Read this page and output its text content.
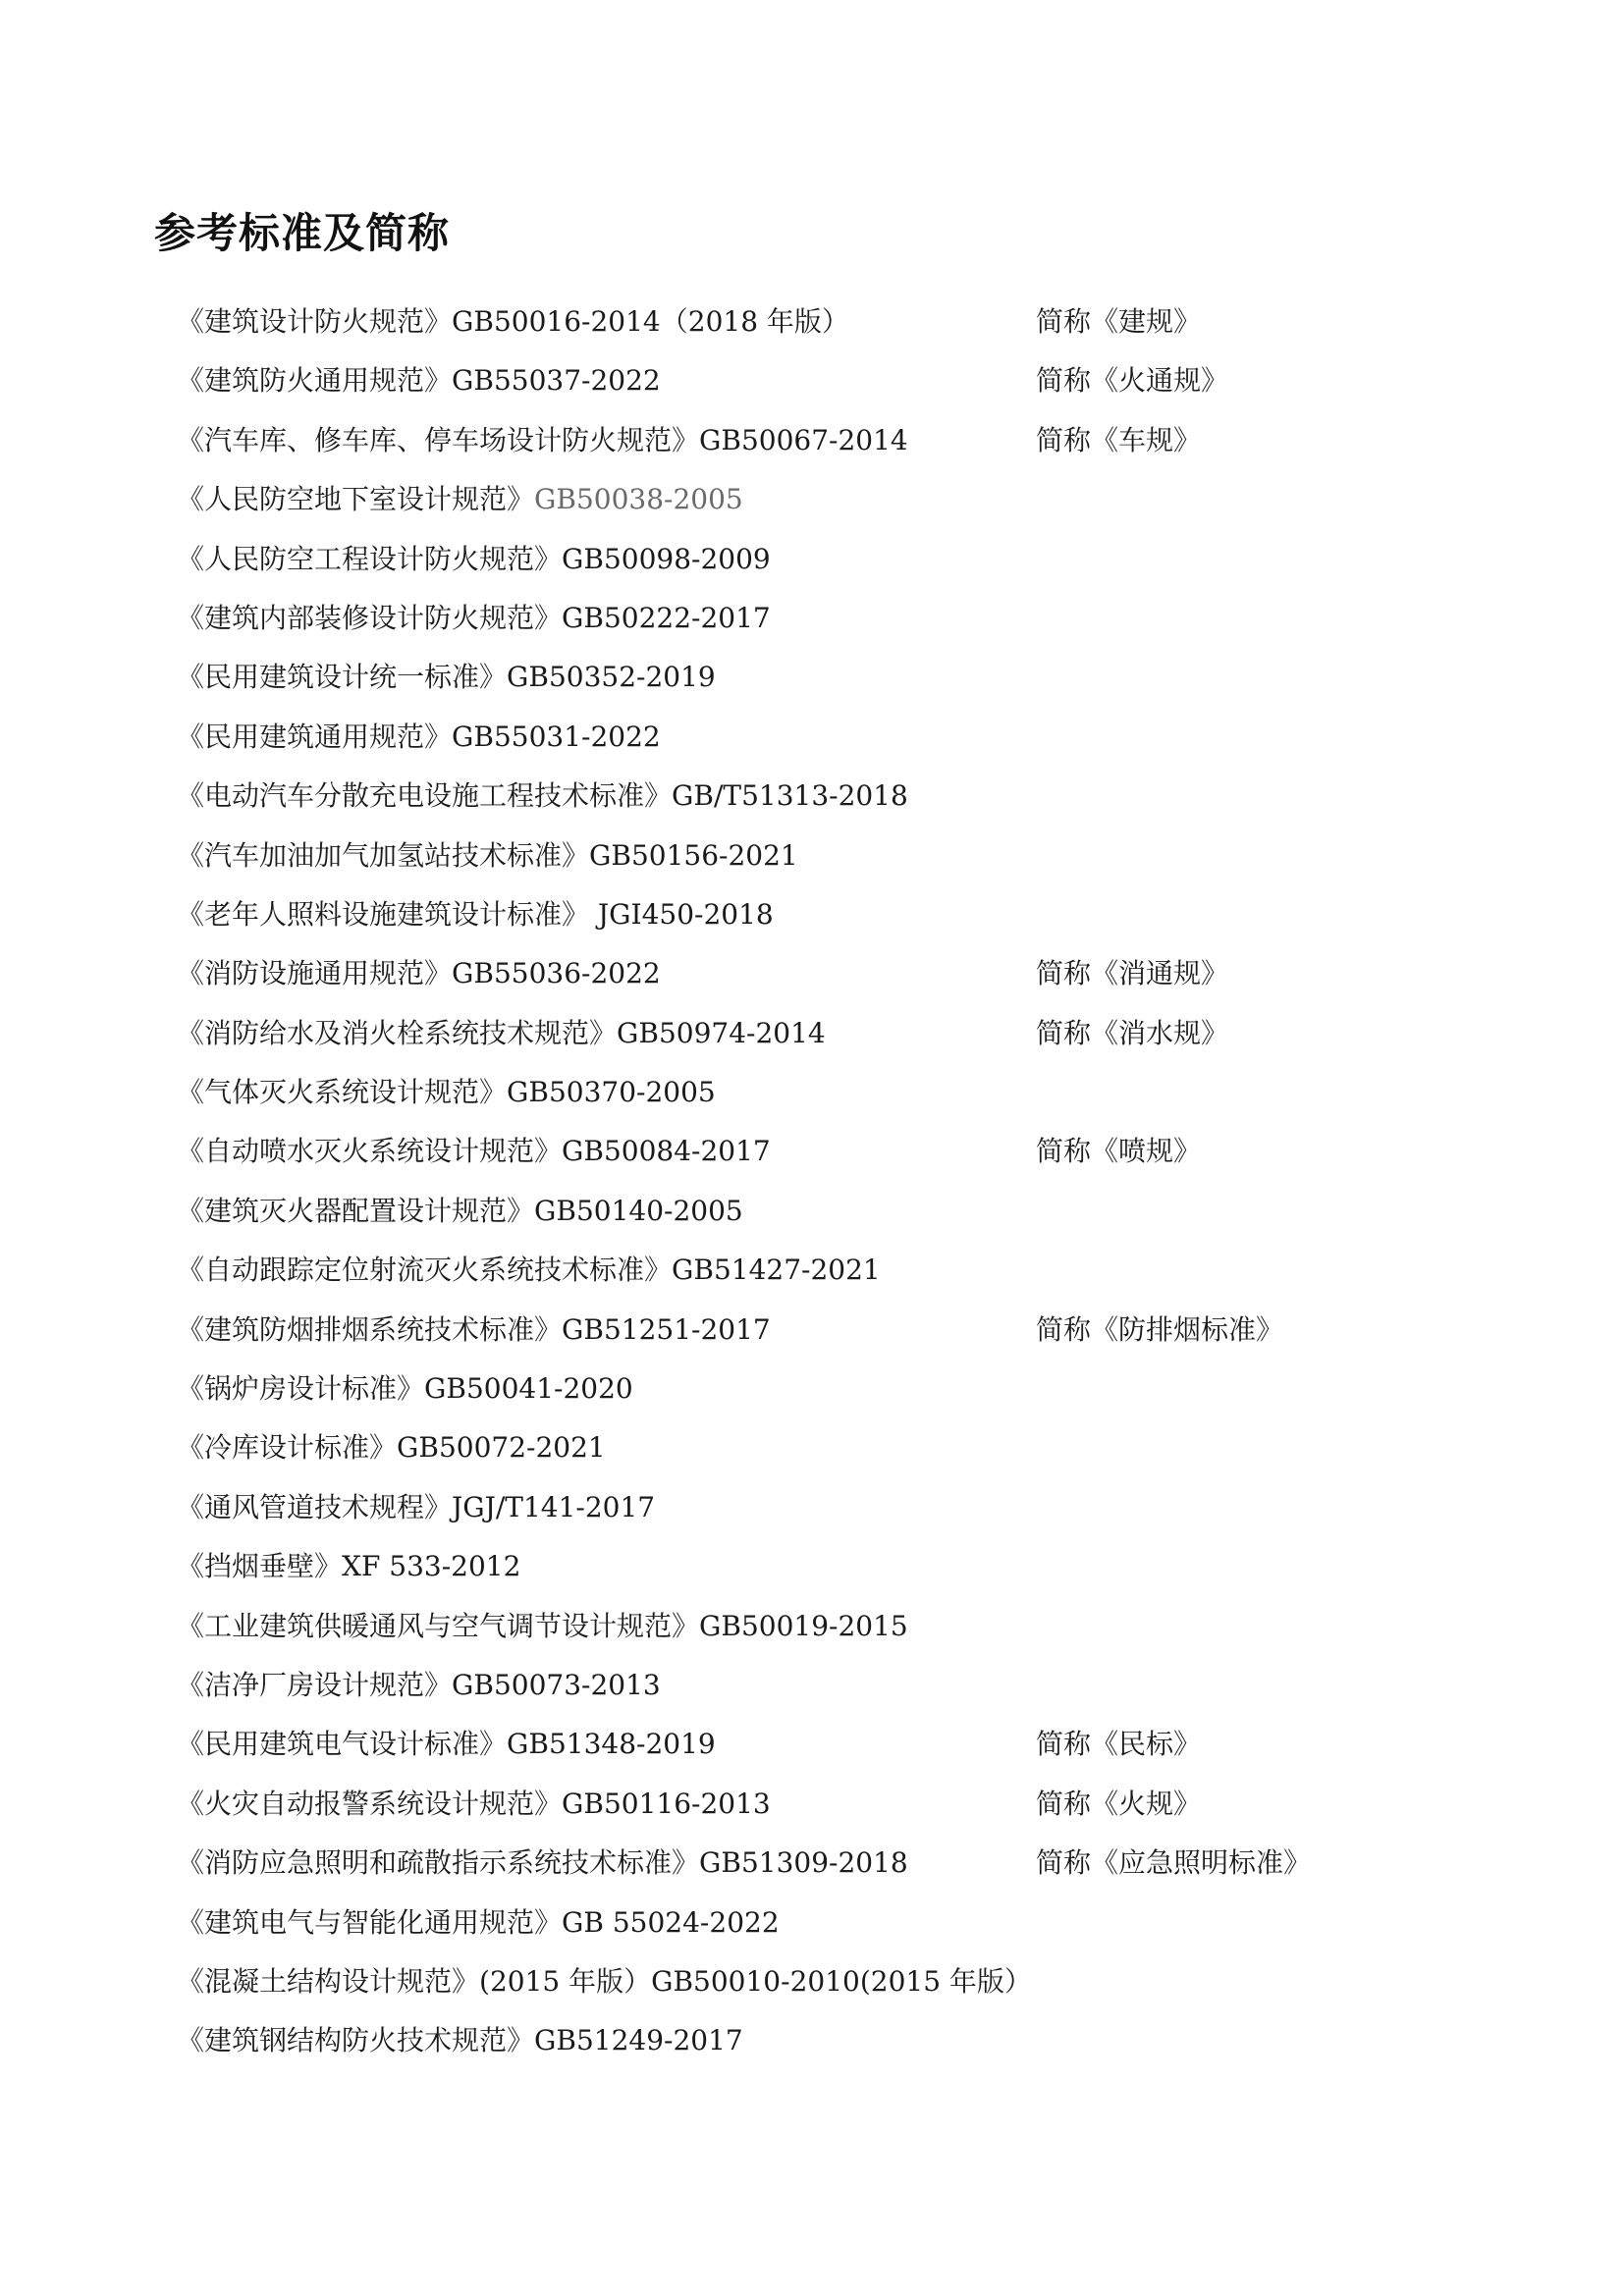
参考标准及简称
《建筑设计防火规范》GB50016-2014（2018 年版）	简称《建规》
《建筑防火通用规范》GB55037-2022	简称《火通规》
《汽车库、修车库、停车场设计防火规范》GB50067-2014	简称《车规》
《人民防空地下室设计规范》GB50038-2005
《人民防空工程设计防火规范》GB50098-2009
《建筑内部装修设计防火规范》GB50222-2017
《民用建筑设计统一标准》GB50352-2019
《民用建筑通用规范》GB55031-2022
《电动汽车分散充电设施工程技术标准》GB/T51313-2018
《汽车加油加气加氢站技术标准》GB50156-2021
《老年人照料设施建筑设计标准》 JGI450-2018
《消防设施通用规范》GB55036-2022	简称《消通规》
《消防给水及消火栓系统技术规范》GB50974-2014	简称《消水规》
《气体灭火系统设计规范》GB50370-2005
《自动喷水灭火系统设计规范》GB50084-2017	简称《喷规》
《建筑灭火器配置设计规范》GB50140-2005
《自动跟踪定位射流灭火系统技术标准》GB51427-2021
《建筑防烟排烟系统技术标准》GB51251-2017	简称《防排烟标准》
《锅炉房设计标准》GB50041-2020
《冷库设计标准》GB50072-2021
《通风管道技术规程》JGJ/T141-2017
《挡烟垂壁》XF 533-2012
《工业建筑供暖通风与空气调节设计规范》GB50019-2015
《洁净厂房设计规范》GB50073-2013
《民用建筑电气设计标准》GB51348-2019	简称《民标》
《火灾自动报警系统设计规范》GB50116-2013	简称《火规》
《消防应急照明和疏散指示系统技术标准》GB51309-2018	简称《应急照明标准》
《建筑电气与智能化通用规范》GB 55024-2022
《混凝土结构设计规范》(2015 年版）GB50010-2010(2015 年版）
《建筑钢结构防火技术规范》GB51249-2017
